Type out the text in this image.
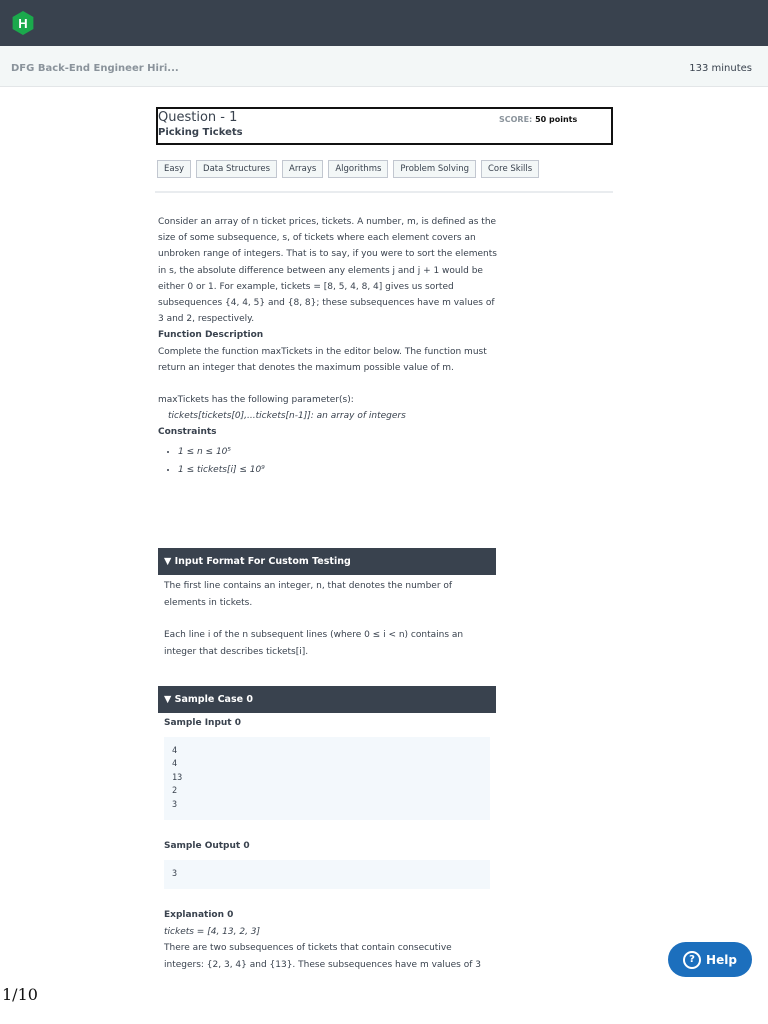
H
DFG Back-End Engineer Hiri...	133 minutes
Question - 1
Picking Tickets
SCORE: 50 points
Easy	Data Structures	Arrays	Algorithms	Problem Solving	Core Skills

Consider an array of n ticket prices, tickets. A number, m, is defined as the size of some subsequence, s, of tickets where each element covers an unbroken range of integers. That is to say, if you were to sort the elements in s, the absolute difference between any elements j and j + 1 would be either 0 or 1. For example, tickets = [8, 5, 4, 8, 4] gives us sorted subsequences {4, 4, 5} and {8, 8}; these subsequences have m values of 3 and 2, respectively.

Function Description

Complete the function maxTickets in the editor below. The function must return an integer that denotes the maximum possible value of m.

maxTickets has the following parameter(s):

tickets[tickets[0],...tickets[n-1]]: an array of integers

Constraints

• 1 ≤ n ≤ 10⁵
• 1 ≤ tickets[i] ≤ 10⁹
▼ Input Format For Custom Testing

The first line contains an integer, n, that denotes the number of elements in tickets.

Each line i of the n subsequent lines (where 0 ≤ i < n) contains an integer that describes tickets[i].

▼ Sample Case 0
Sample Input 0
4
4
13
2
3
Sample Output 0
3
Explanation 0
tickets = [4, 13, 2, 3]
There are two subsequences of tickets that contain consecutive integers: {2, 3, 4} and {13}. These subsequences have m values of 3	? Help
1/10
